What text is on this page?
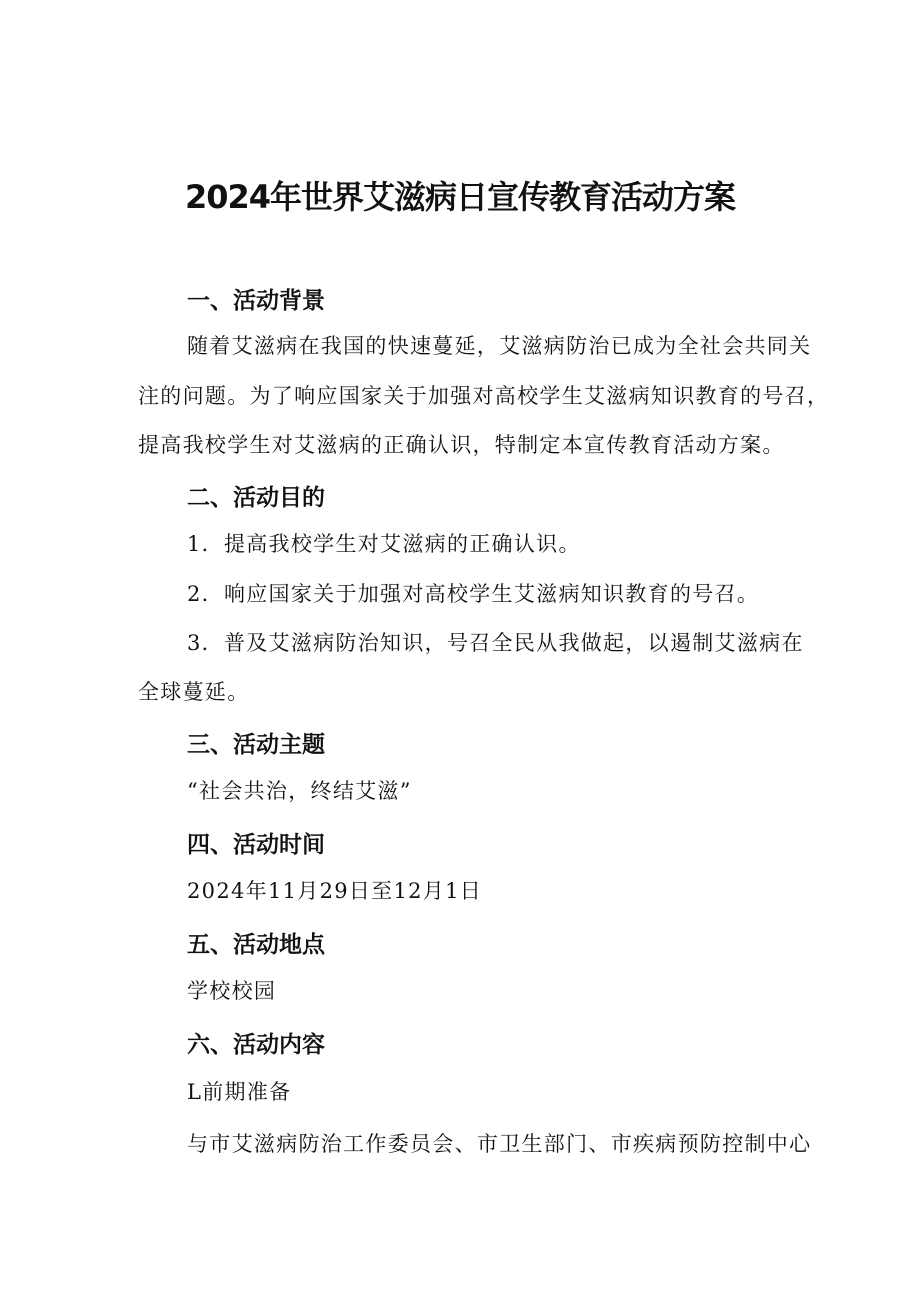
2024年世界艾滋病日宣传教育活动方案
一、活动背景
随着艾滋病在我国的快速蔓延，艾滋病防治已成为全社会共同关
注的问题。为了响应国家关于加强对高校学生艾滋病知识教育的号召，
提高我校学生对艾滋病的正确认识，特制定本宣传教育活动方案。
二、活动目的
1．提高我校学生对艾滋病的正确认识。
2．响应国家关于加强对高校学生艾滋病知识教育的号召。
3．普及艾滋病防治知识，号召全民从我做起，以遏制艾滋病在
全球蔓延。
三、活动主题
“社会共治，终结艾滋”
四、活动时间
2024年11月29日至12月1日
五、活动地点
学校校园
六、活动内容
L前期准备
与市艾滋病防治工作委员会、市卫生部门、市疾病预防控制中心
